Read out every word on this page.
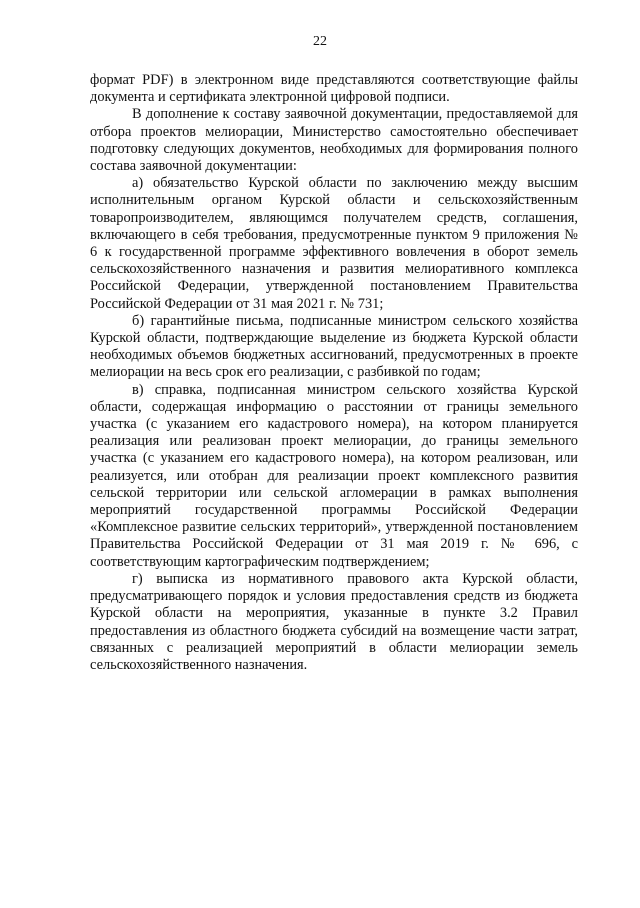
22

формат PDF) в электронном виде представляются соответствующие файлы документа и сертификата электронной цифровой подписи.

В дополнение к составу заявочной документации, предоставляемой для отбора проектов мелиорации, Министерство самостоятельно обеспечивает подготовку следующих документов, необходимых для формирования полного состава заявочной документации:

а) обязательство Курской области по заключению между высшим исполнительным органом Курской области и сельскохозяйственным товаропроизводителем, являющимся получателем средств, соглашения, включающего в себя требования, предусмотренные пунктом 9 приложения № 6 к государственной программе эффективного вовлечения в оборот земель сельскохозяйственного назначения и развития мелиоративного комплекса Российской Федерации, утвержденной постановлением Правительства Российской Федерации от 31 мая 2021 г. № 731;

б) гарантийные письма, подписанные министром сельского хозяйства Курской области, подтверждающие выделение из бюджета Курской области необходимых объемов бюджетных ассигнований, предусмотренных в проекте мелиорации на весь срок его реализации, с разбивкой по годам;

в) справка, подписанная министром сельского хозяйства Курской области, содержащая информацию о расстоянии от границы земельного участка (с указанием его кадастрового номера), на котором планируется реализация или реализован проект мелиорации, до границы земельного участка (с указанием его кадастрового номера), на котором реализован, или реализуется, или отобран для реализации проект комплексного развития сельской территории или сельской агломерации в рамках выполнения мероприятий государственной программы Российской Федерации «Комплексное развитие сельских территорий», утвержденной постановлением Правительства Российской Федерации от 31 мая 2019 г. № 696, с соответствующим картографическим подтверждением;

г) выписка из нормативного правового акта Курской области, предусматривающего порядок и условия предоставления средств из бюджета Курской области на мероприятия, указанные в пункте 3.2 Правил предоставления из областного бюджета субсидий на возмещение части затрат, связанных с реализацией мероприятий в области мелиорации земель сельскохозяйственного назначения.
